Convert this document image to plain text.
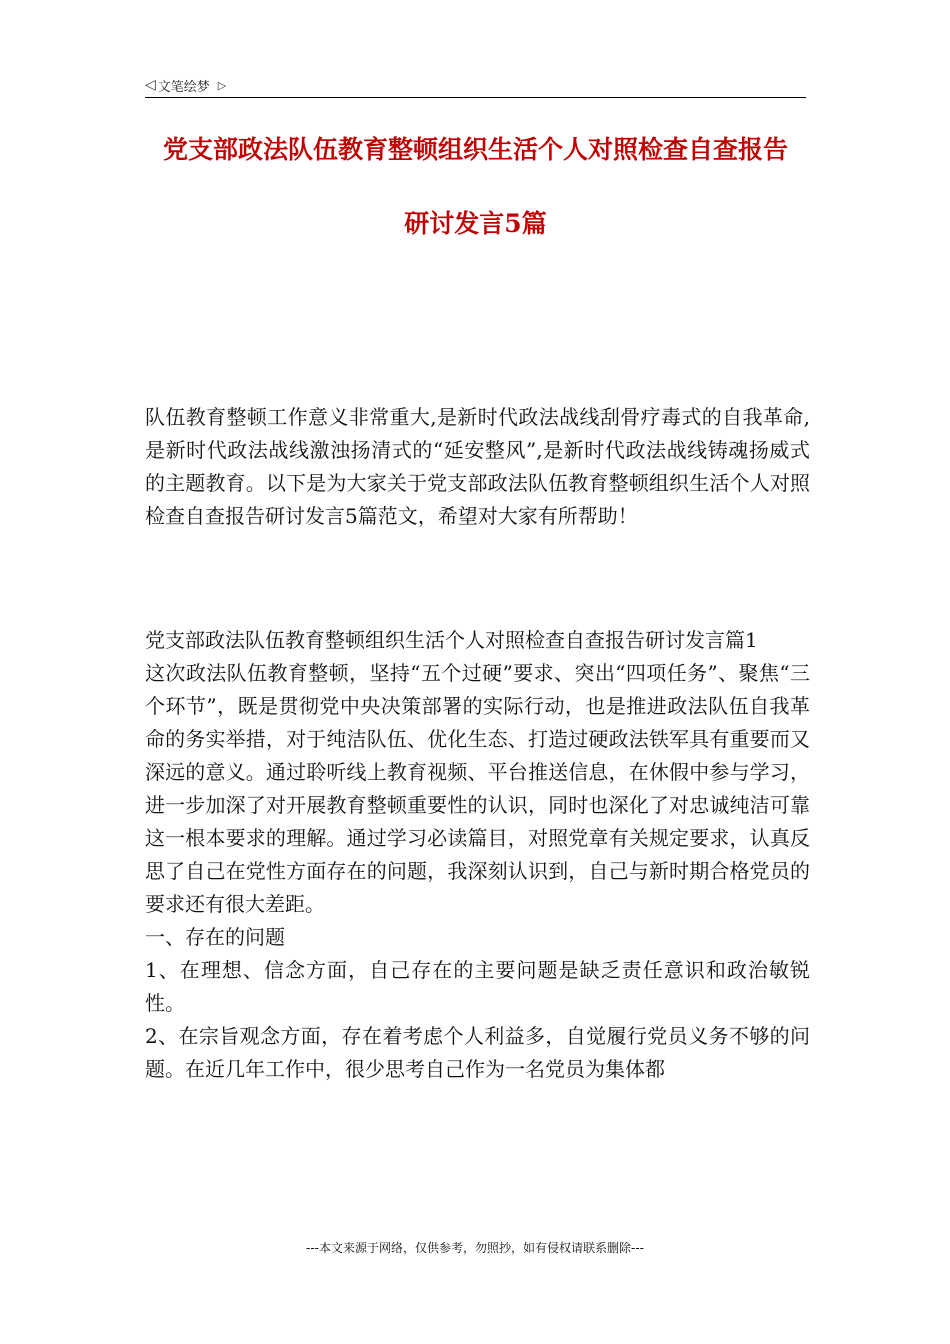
◁ 文笔绘梦 ▷
党支部政法队伍教育整顿组织生活个人对照检查自查报告
研讨发言5篇

队伍教育整顿工作意义非常重大,是新时代政法战线刮骨疗毒式的自我革命,是新时代政法战线激浊扬清式的“延安整风”,是新时代政法战线铸魂扬威式的主题教育。以下是为大家关于党支部政法队伍教育整顿组织生活个人对照检查自查报告研讨发言5篇范文，希望对大家有所帮助！

党支部政法队伍教育整顿组织生活个人对照检查自查报告研讨发言篇1

这次政法队伍教育整顿，坚持“五个过硬”要求、突出“四项任务”、聚焦“三个环节”，既是贯彻党中央决策部署的实际行动，也是推进政法队伍自我革命的务实举措，对于纯洁队伍、优化生态、打造过硬政法铁军具有重要而又深远的意义。通过聆听线上教育视频、平台推送信息，在休假中参与学习，进一步加深了对开展教育整顿重要性的认识，同时也深化了对忠诚纯洁可靠这一根本要求的理解。通过学习必读篇目，对照党章有关规定要求，认真反思了自己在党性方面存在的问题，我深刻认识到，自己与新时期合格党员的要求还有很大差距。

一、存在的问题

1、在理想、信念方面，自己存在的主要问题是缺乏责任意识和政治敏锐性。

2、在宗旨观念方面，存在着考虑个人利益多，自觉履行党员义务不够的问题。在近几年工作中，很少思考自己作为一名党员为集体都

---本文来源于网络，仅供参考，勿照抄，如有侵权请联系删除---
